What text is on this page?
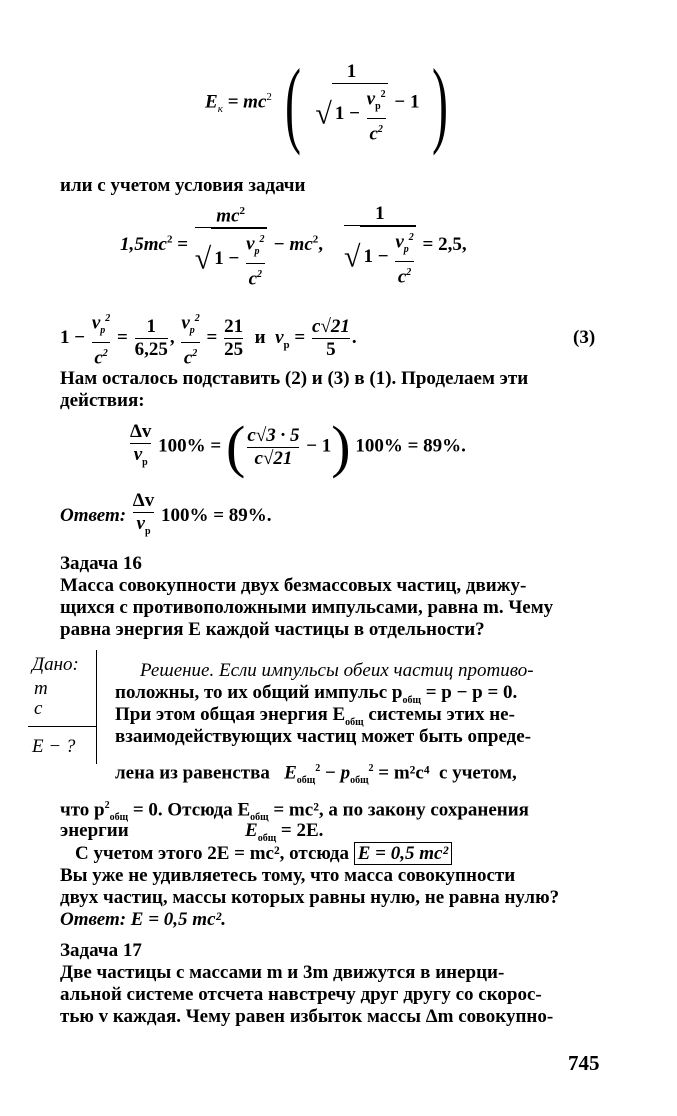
$E_к = mc^2$ (	1
√ $1 - \frac{v_р^2}{c^2} - 1$ )
или с учетом условия задачи
$1,5mc^2 = \frac{mc^2}{√ 1 - \frac{v_р^2}{c^2}} - mc^2$, $\frac{1}{√ 1 - \frac{v_р^2}{c^2}} = 2,5$,
$1 - \frac{v_р^2}{c^2} = \frac{1}{6,25}$ , $\frac{v_р^2}{c^2} = \frac{21}{25}$ и $v_р = \frac{c√21}{5}$ .	(3)
Нам осталось подставить (2) и (3) в (1). Проделаем эти
действия:
$\frac{\Delta v}{v_р} 100\%$ = ( $\frac{c√3 \cdot 5}{c√21} - 1$) 100% = 89%.
Ответ: $\frac{\Delta v}{v_р} 100\% = 89\%$.
Задача 16
Масса совокупности двух безмассовых частиц, движу-
щихся с противоположными импульсами, равна m. Чему
равна энергия E каждой частицы в отдельности?
Дано:
m
c
E − ?
Решение. Если импульсы обеих частиц противо-
положны, то их общий импульс $p_{общ} = p - p = 0$.
При этом общая энергия $E_{общ}$ системы этих не-
взаимодействующих частиц может быть опреде-
лена из равенства $E_{общ}^2 - p_{общ}^2 = m^2c^4$ с учетом,
что $p^2_{общ} = 0$. Отсюда $E_{общ} = mc^2$, а по закону сохранения
энергии	$E_{общ} = 2E$.
С учетом этого 2E = mc², отсюда E = 0,5 mc²
Вы уже не удивляетесь тому, что масса совокупности
двух частиц, массы которых равны нулю, не равна нулю?
Ответ: E = 0,5 mc².
Задача 17
Две частицы с массами m и 3m движутся в инерци-
альной системе отсчета навстречу друг другу со скорос-
тью v каждая. Чему равен избыток массы Δm совокупно-
745
